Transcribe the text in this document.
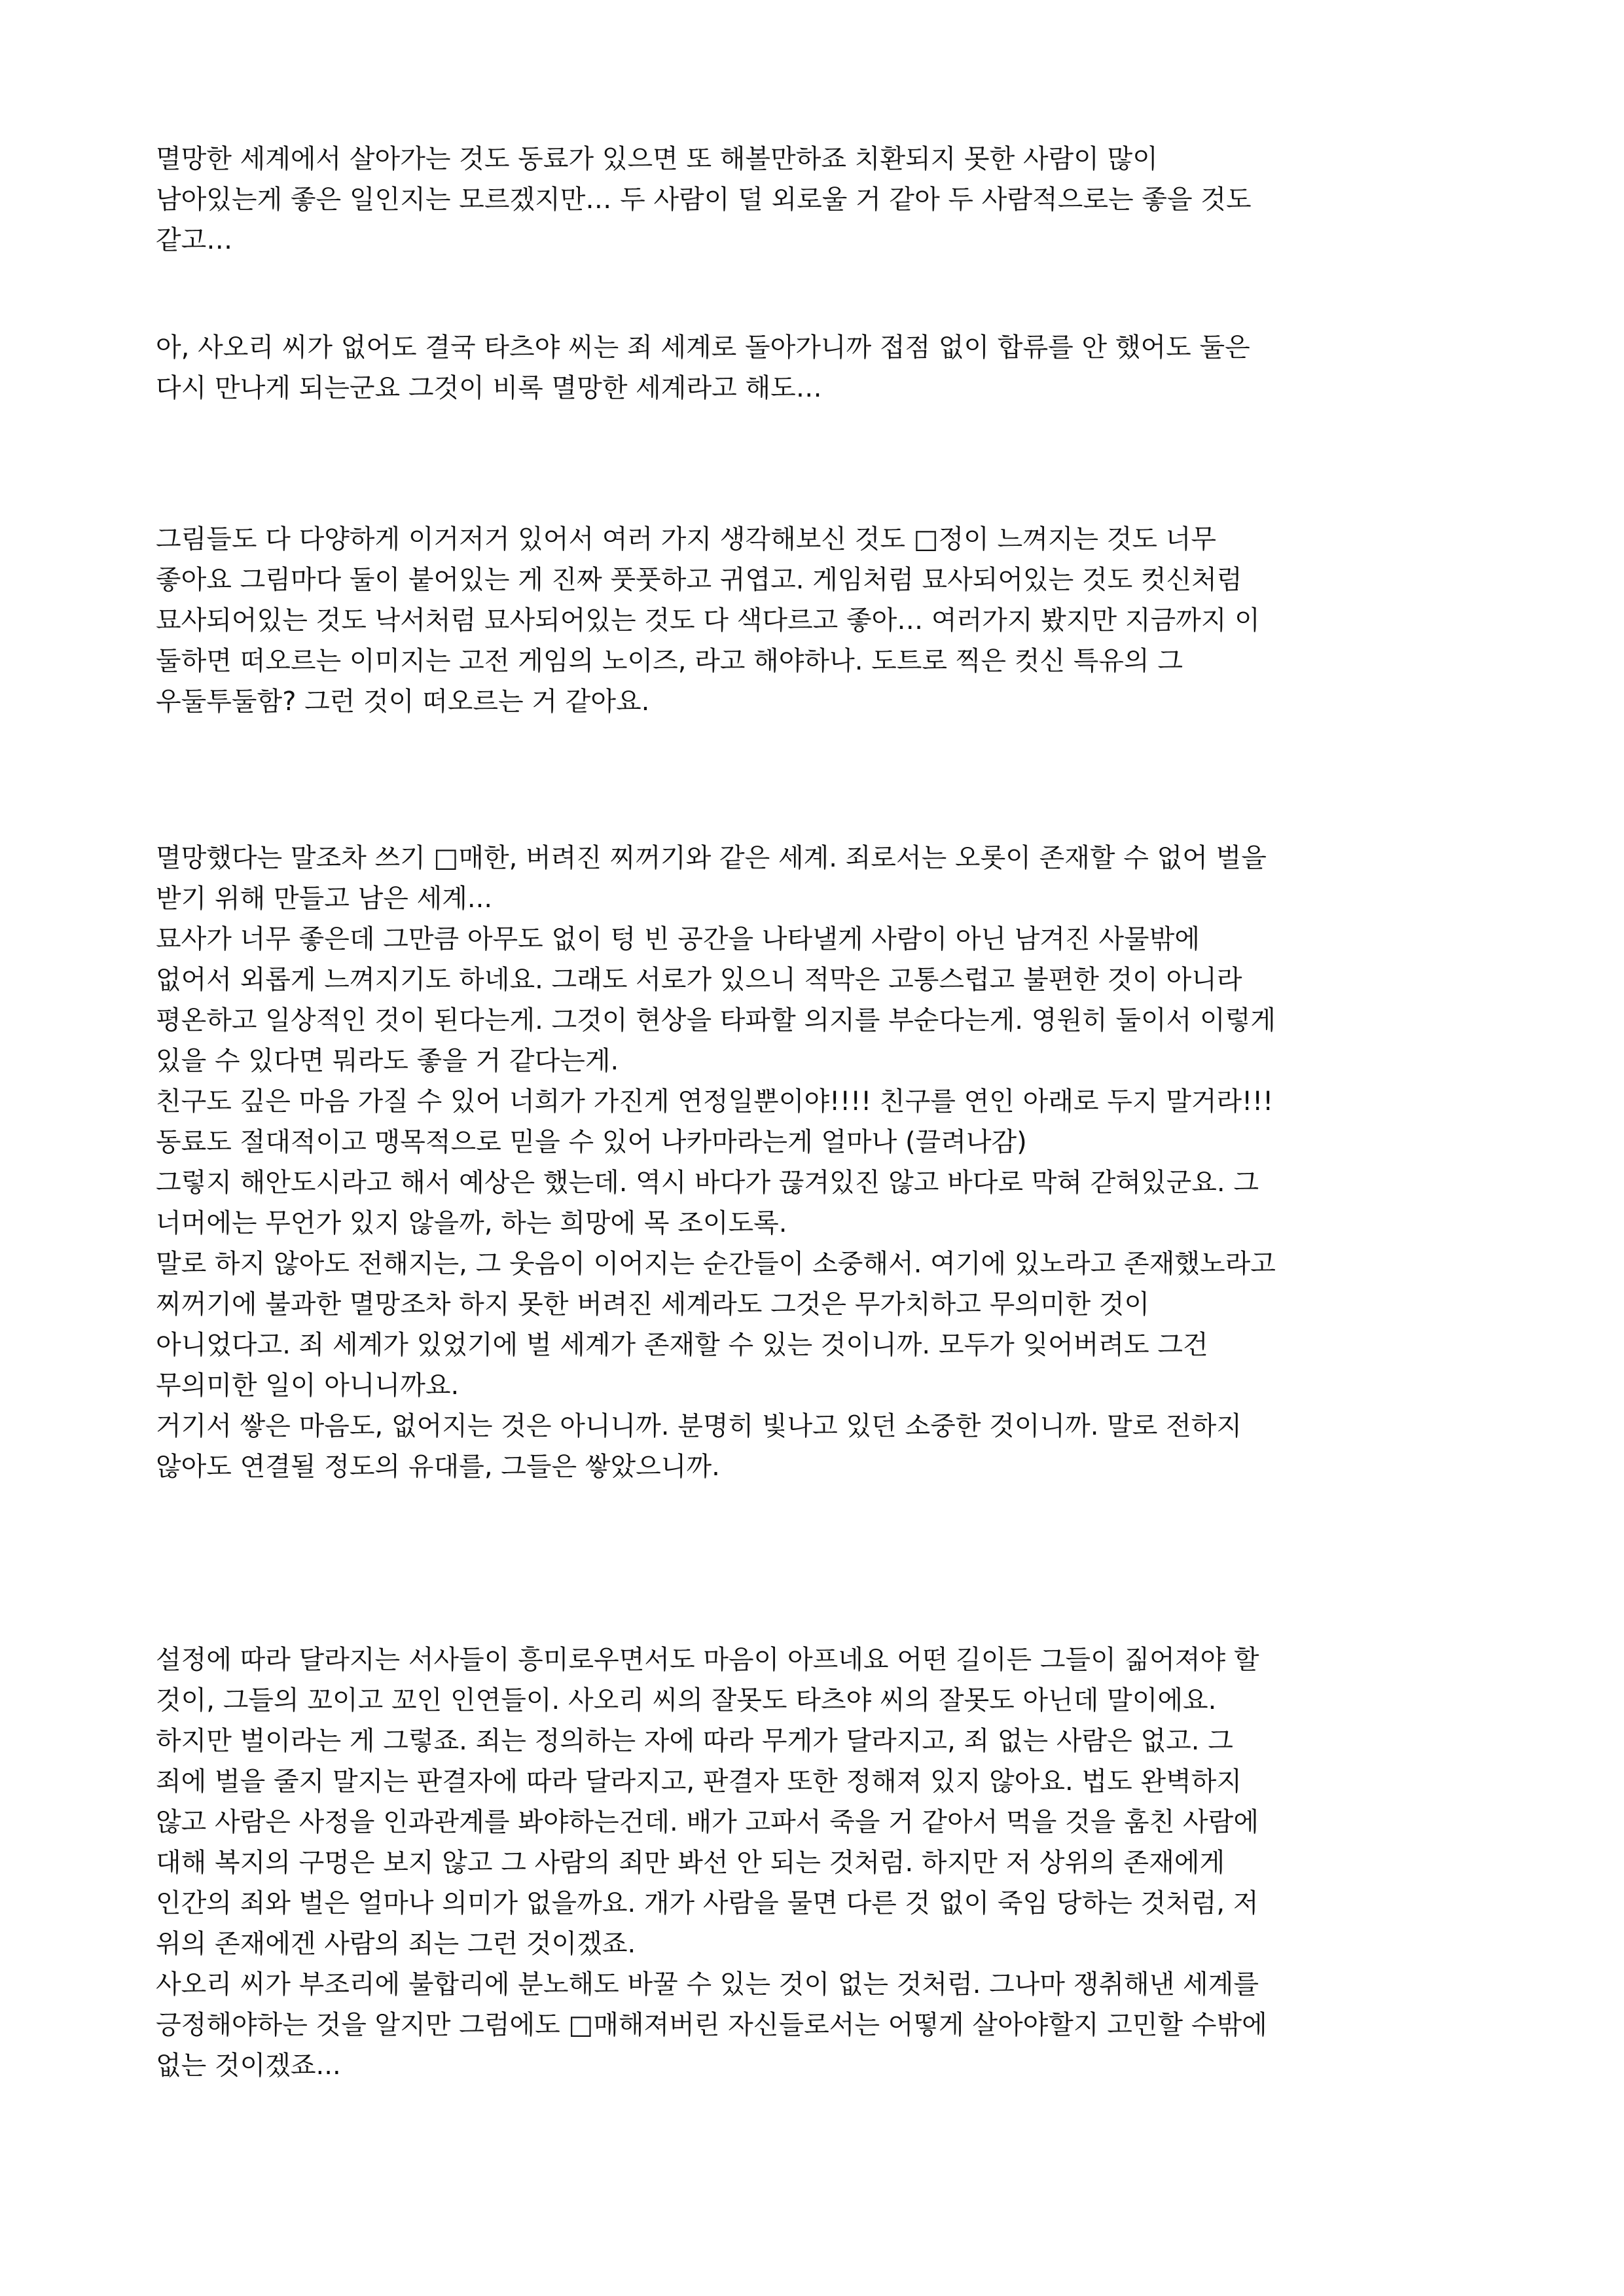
멸망한 세계에서 살아가는 것도 동료가 있으면 또 해볼만하죠 치환되지 못한 사람이 많이
남아있는게 좋은 일인지는 모르겠지만… 두 사람이 덜 외로울 거 같아 두 사람적으로는 좋을 것도
같고…

아, 사오리 씨가 없어도 결국 타츠야 씨는 죄 세계로 돌아가니까 접점 없이 합류를 안 했어도 둘은
다시 만나게 되는군요 그것이 비록 멸망한 세계라고 해도…

그림들도 다 다양하게 이거저거 있어서 여러 가지 생각해보신 것도 □정이 느껴지는 것도 너무
좋아요 그림마다 둘이 붙어있는 게 진짜 풋풋하고 귀엽고. 게임처럼 묘사되어있는 것도 컷신처럼
묘사되어있는 것도 낙서처럼 묘사되어있는 것도 다 색다르고 좋아… 여러가지 봤지만 지금까지 이
둘하면 떠오르는 이미지는 고전 게임의 노이즈, 라고 해야하나. 도트로 찍은 컷신 특유의 그
우둘투둘함? 그런 것이 떠오르는 거 같아요.

멸망했다는 말조차 쓰기 □매한, 버려진 찌꺼기와 같은 세계. 죄로서는 오롯이 존재할 수 없어 벌을
받기 위해 만들고 남은 세계...
묘사가 너무 좋은데 그만큼 아무도 없이 텅 빈 공간을 나타낼게 사람이 아닌 남겨진 사물밖에
없어서 외롭게 느껴지기도 하네요. 그래도 서로가 있으니 적막은 고통스럽고 불편한 것이 아니라
평온하고 일상적인 것이 된다는게. 그것이 현상을 타파할 의지를 부순다는게. 영원히 둘이서 이렇게
있을 수 있다면 뭐라도 좋을 거 같다는게.
친구도 깊은 마음 가질 수 있어 너희가 가진게 연정일뿐이야!!!! 친구를 연인 아래로 두지 말거라!!!
동료도 절대적이고 맹목적으로 믿을 수 있어 나카마라는게 얼마나 (끌려나감)
그렇지 해안도시라고 해서 예상은 했는데. 역시 바다가 끊겨있진 않고 바다로 막혀 갇혀있군요. 그
너머에는 무언가 있지 않을까, 하는 희망에 목 조이도록.
말로 하지 않아도 전해지는, 그 웃음이 이어지는 순간들이 소중해서. 여기에 있노라고 존재했노라고
찌꺼기에 불과한 멸망조차 하지 못한 버려진 세계라도 그것은 무가치하고 무의미한 것이
아니었다고. 죄 세계가 있었기에 벌 세계가 존재할 수 있는 것이니까. 모두가 잊어버려도 그건
무의미한 일이 아니니까요.
거기서 쌓은 마음도, 없어지는 것은 아니니까. 분명히 빛나고 있던 소중한 것이니까. 말로 전하지
않아도 연결될 정도의 유대를, 그들은 쌓았으니까.

설정에 따라 달라지는 서사들이 흥미로우면서도 마음이 아프네요 어떤 길이든 그들이 짊어져야 할
것이, 그들의 꼬이고 꼬인 인연들이. 사오리 씨의 잘못도 타츠야 씨의 잘못도 아닌데 말이에요.
하지만 벌이라는 게 그렇죠. 죄는 정의하는 자에 따라 무게가 달라지고, 죄 없는 사람은 없고. 그
죄에 벌을 줄지 말지는 판결자에 따라 달라지고, 판결자 또한 정해져 있지 않아요. 법도 완벽하지
않고 사람은 사정을 인과관계를 봐야하는건데. 배가 고파서 죽을 거 같아서 먹을 것을 훔친 사람에
대해 복지의 구멍은 보지 않고 그 사람의 죄만 봐선 안 되는 것처럼. 하지만 저 상위의 존재에게
인간의 죄와 벌은 얼마나 의미가 없을까요. 개가 사람을 물면 다른 것 없이 죽임 당하는 것처럼, 저
위의 존재에겐 사람의 죄는 그런 것이겠죠.
사오리 씨가 부조리에 불합리에 분노해도 바꿀 수 있는 것이 없는 것처럼. 그나마 쟁취해낸 세계를
긍정해야하는 것을 알지만 그럼에도 □매해져버린 자신들로서는 어떻게 살아야할지 고민할 수밖에
없는 것이겠죠...
